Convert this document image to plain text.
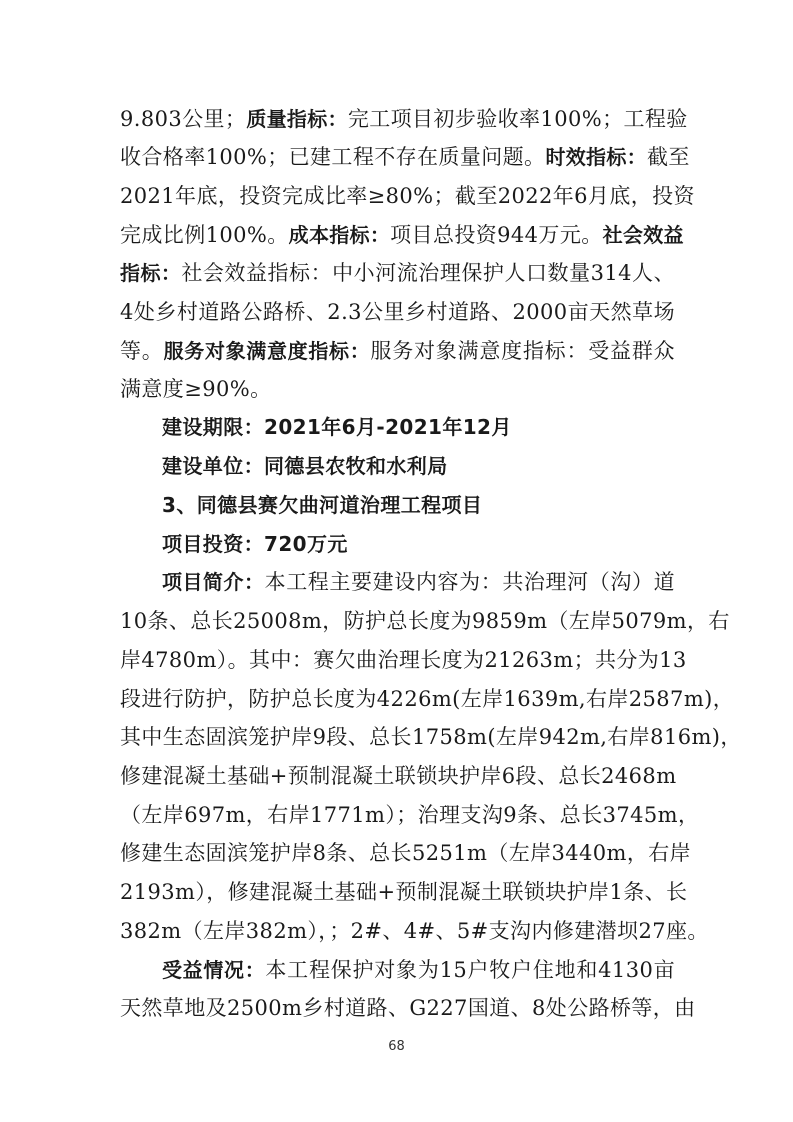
9.803公里；质量指标：完工项目初步验收率100%；工程验
收合格率100%；已建工程不存在质量问题。时效指标：截至
2021年底，投资完成比率≥80%；截至2022年6月底，投资
完成比例100%。成本指标：项目总投资944万元。社会效益
指标：社会效益指标：中小河流治理保护人口数量314人、
4处乡村道路公路桥、2.3公里乡村道路、2000亩天然草场
等。服务对象满意度指标：服务对象满意度指标：受益群众
满意度≥90%。
建设期限：2021年6月-2021年12月
建设单位：同德县农牧和水利局
3、同德县赛欠曲河道治理工程项目
项目投资：720万元
项目简介：本工程主要建设内容为：共治理河（沟）道
10条、总长25008m，防护总长度为9859m（左岸5079m，右
岸4780m）。其中：赛欠曲治理长度为21263m；共分为13
段进行防护，防护总长度为4226m(左岸1639m,右岸2587m)，
其中生态固滨笼护岸9段、总长1758m(左岸942m,右岸816m)，
修建混凝土基础+预制混凝土联锁块护岸6段、总长2468m
（左岸697m，右岸1771m）；治理支沟9条、总长3745m，
修建生态固滨笼护岸8条、总长5251m（左岸3440m，右岸
2193m），修建混凝土基础+预制混凝土联锁块护岸1条、长
382m（左岸382m），；2#、4#、5#支沟内修建潜坝27座。
受益情况：本工程保护对象为15户牧户住地和4130亩
天然草地及2500m乡村道路、G227国道、8处公路桥等，由
68
